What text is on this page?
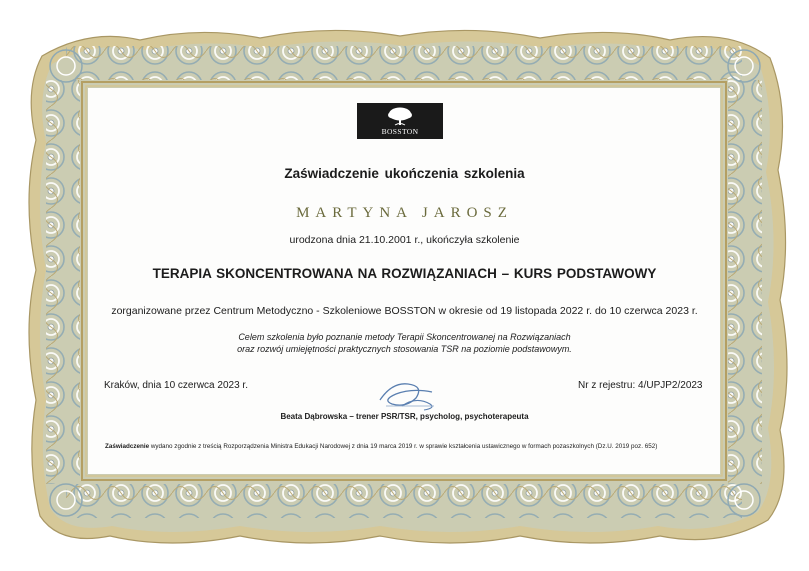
BOSSTON
Zaświadczenie ukończenia szkolenia
MARTYNA JAROSZ
urodzona dnia 21.10.2001 r., ukończyła szkolenie
TERAPIA SKONCENTROWANA NA ROZWIĄZANIACH – KURS PODSTAWOWY
zorganizowane przez Centrum Metodyczno - Szkoleniowe BOSSTON w okresie od 19 listopada 2022 r. do 10 czerwca 2023 r.
Celem szkolenia było poznanie metody Terapii Skoncentrowanej na Rozwiązaniach
oraz rozwój umiejętności praktycznych stosowania TSR na poziomie podstawowym.
Kraków, dnia 10 czerwca 2023 r.	Nr z rejestru: 4/UPJP2/2023
Beata Dąbrowska – trener PSR/TSR, psycholog, psychoterapeuta
Zaświadczenie wydano zgodnie z treścią Rozporządzenia Ministra Edukacji Narodowej z dnia 19 marca 2019 r. w sprawie kształcenia ustawicznego w formach pozaszkolnych (Dz.U. 2019 poz. 652)
